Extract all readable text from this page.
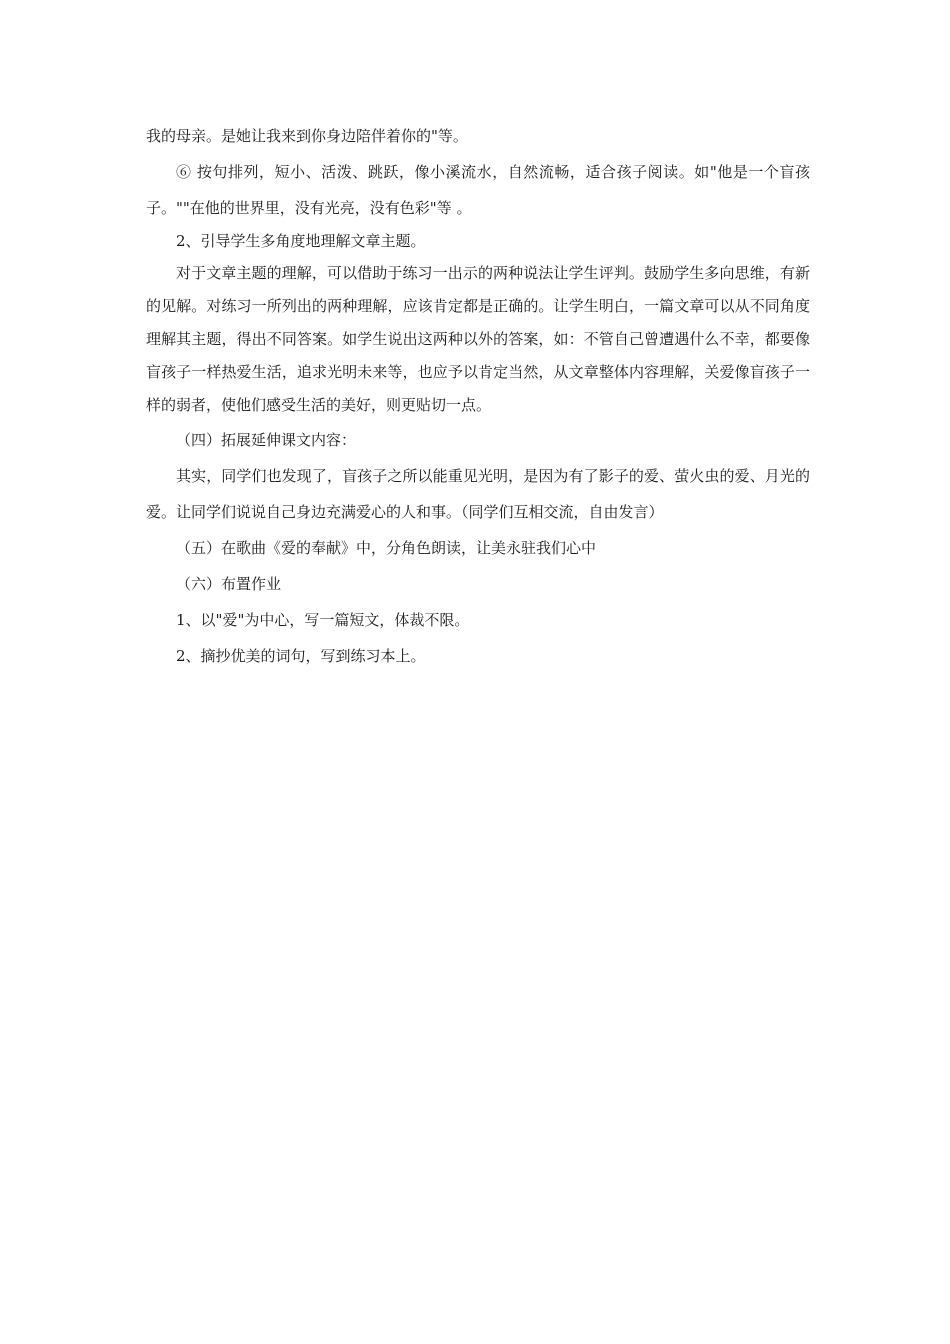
我的母亲。是她让我来到你身边陪伴着你的"等。

⑥ 按句排列，短小、活泼、跳跃，像小溪流水，自然流畅，适合孩子阅读。如"他是一个盲孩子。""在他的世界里，没有光亮，没有色彩"等 。

2、引导学生多角度地理解文章主题。

对于文章主题的理解，可以借助于练习一出示的两种说法让学生评判。鼓励学生多向思维，有新的见解。对练习一所列出的两种理解，应该肯定都是正确的。让学生明白，一篇文章可以从不同角度理解其主题，得出不同答案。如学生说出这两种以外的答案，如：不管自己曾遭遇什么不幸，都要像盲孩子一样热爱生活，追求光明未来等，也应予以肯定当然，从文章整体内容理解，关爱像盲孩子一样的弱者，使他们感受生活的美好，则更贴切一点。

（四）拓展延伸课文内容：

其实，同学们也发现了，盲孩子之所以能重见光明，是因为有了影子的爱、萤火虫的爱、月光的爱。让同学们说说自己身边充满爱心的人和事。（同学们互相交流，自由发言）

（五）在歌曲《爱的奉献》中，分角色朗读，让美永驻我们心中

（六）布置作业

1、以"爱"为中心，写一篇短文，体裁不限。

2、摘抄优美的词句，写到练习本上。
